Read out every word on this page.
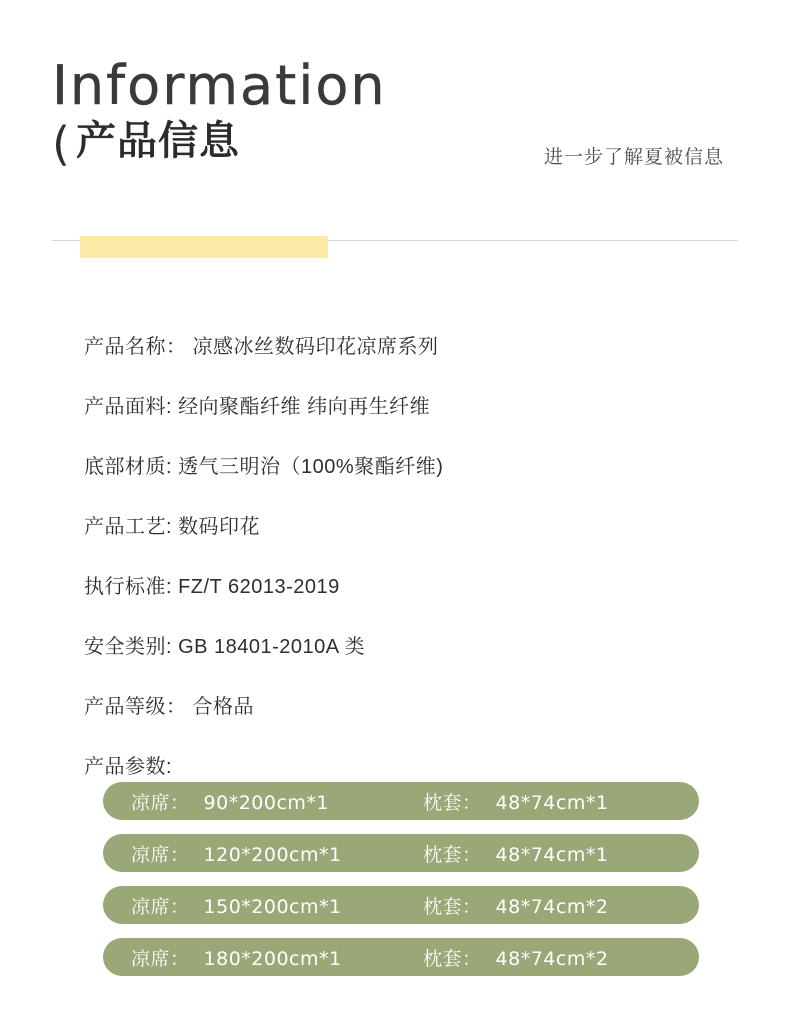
Information
( 产品信息	进一步了解夏被信息
产品名称： 凉感冰丝数码印花凉席系列
产品面料: 经向聚酯纤维 纬向再生纤维
底部材质: 透气三明治（100%聚酯纤维)
产品工艺: 数码印花
执行标准: FZ/T 62013-2019
安全类别: GB 18401-2010A 类
产品等级： 合格品
产品参数:
凉席： 90*200cm*1	枕套： 48*74cm*1
凉席： 120*200cm*1	枕套： 48*74cm*1
凉席： 150*200cm*1	枕套： 48*74cm*2
凉席： 180*200cm*1	枕套： 48*74cm*2
